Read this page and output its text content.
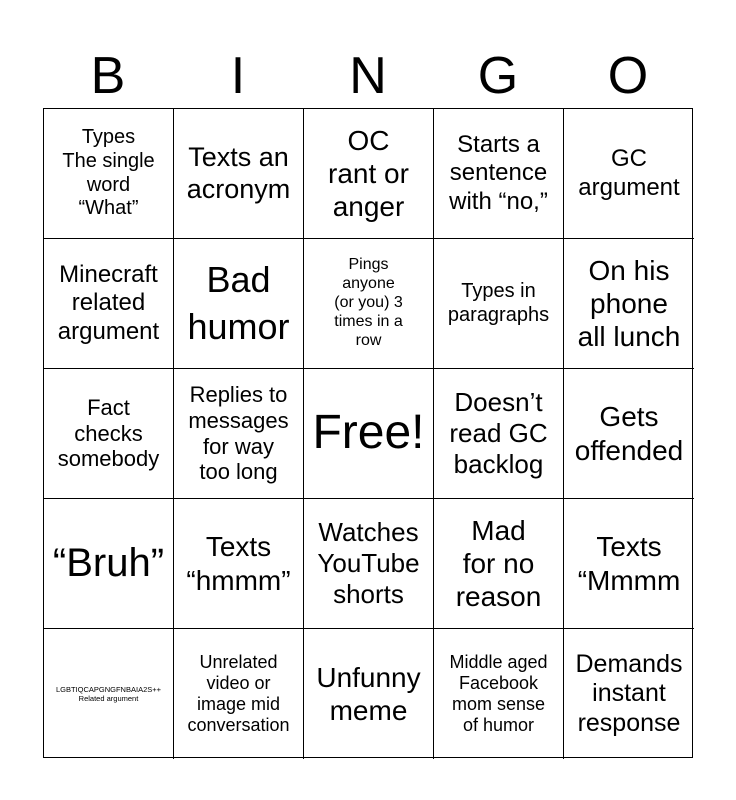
B	I	N	G	O
Types
The single
word
“What”
Texts an
acronym
OC
rant or
anger
Starts a
sentence
with “no,”
GC
argument
Minecraft
related
argument
Bad
humor
Pings
anyone
(or you) 3
times in a
row
Types in
paragraphs
On his
phone
all lunch
Fact
checks
somebody
Replies to
messages
for way
too long
Free!
Doesn’t
read GC
backlog
Gets
offended
“Bruh”	Texts
“hmmm”
Watches
YouTube
shorts
Mad
for no
reason
Texts
“Mmmm
LGBTIQCAPGNGFNBAIA2S++
Related argument
Unrelated
video or
image mid
conversation
Unfunny
meme
Middle aged
Facebook
mom sense
of humor
Demands
instant
response
